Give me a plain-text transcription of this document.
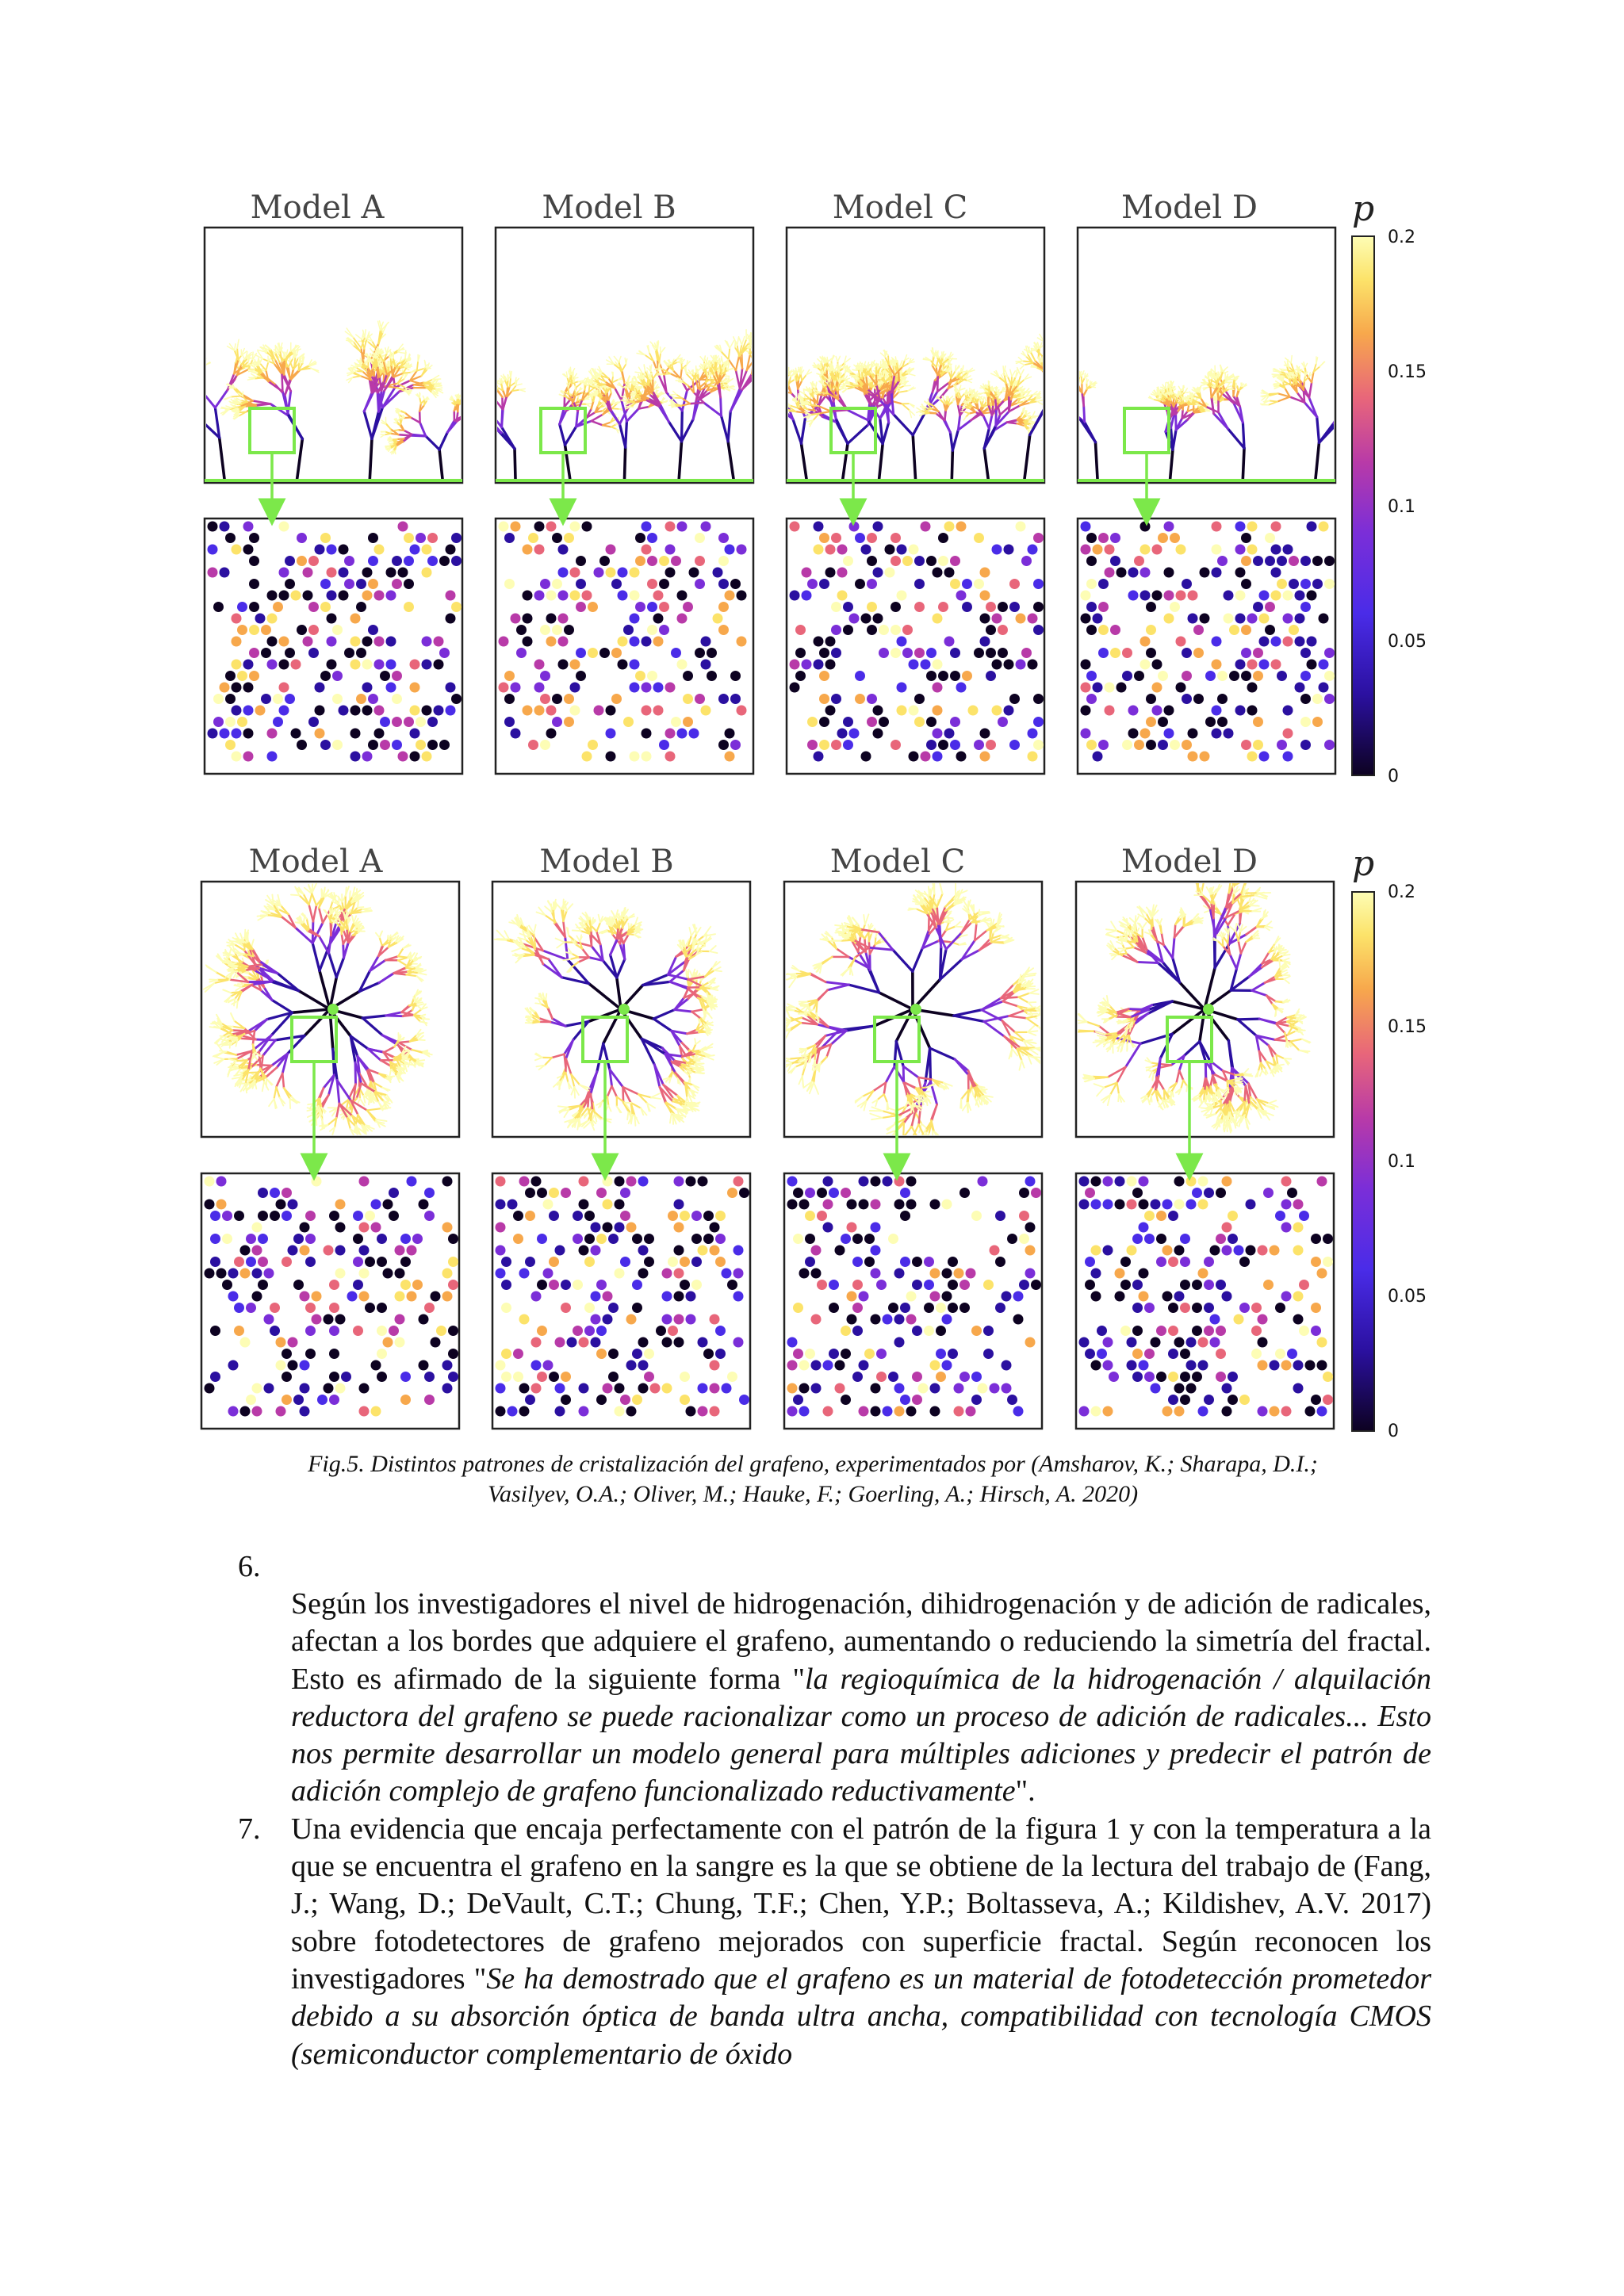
Model A	Model B	Model C	Model D	p
0.2
0.15
0.1
0.05
0
Model A	Model B	Model C	Model D	p
0.2
0.15
0.1
0.05
0
Fig.5. Distintos patrones de cristalización del grafeno, experimentados por (Amsharov, K.; Sharapa, D.I.;
Vasilyev, O.A.; Oliver, M.; Hauke, F.; Goerling, A.; Hirsch, A. 2020)
6.

Según los investigadores el nivel de hidrogenación, dihidrogenación y de adición de radicales, afectan a los bordes que adquiere el grafeno, aumentando o reduciendo la simetría del fractal. Esto es afirmado de la siguiente forma "la regioquímica de la hidrogenación / alquilación reductora del grafeno se puede racionalizar como un proceso de adición de radicales... Esto nos permite desarrollar un modelo general para múltiples adiciones y predecir el patrón de adición complejo de grafeno funcionalizado reductivamente".

7. Una evidencia que encaja perfectamente con el patrón de la figura 1 y con la temperatura a la que se encuentra el grafeno en la sangre es la que se obtiene de la lectura del trabajo de (Fang, J.; Wang, D.; DeVault, C.T.; Chung, T.F.; Chen, Y.P.; Boltasseva, A.; Kildishev, A.V. 2017) sobre fotodetectores de grafeno mejorados con superficie fractal. Según reconocen los investigadores "Se ha demostrado que el grafeno es un material de fotodetección prometedor debido a su absorción óptica de banda ultra ancha, compatibilidad con tecnología CMOS (semiconductor complementario de óxido
